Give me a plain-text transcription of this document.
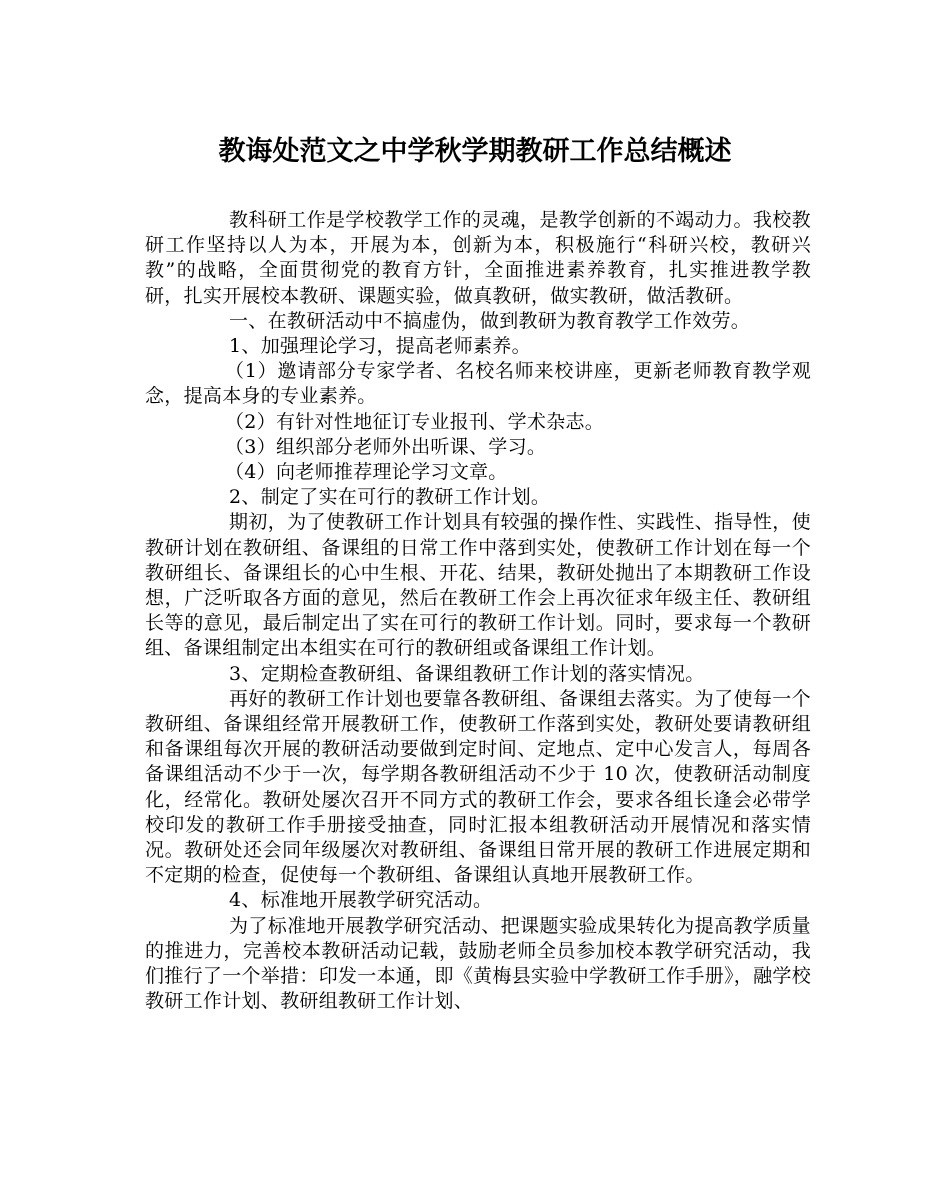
教诲处范文之中学秋学期教研工作总结概述

教科研工作是学校教学工作的灵魂，是教学创新的不竭动力。我校教研工作坚持以人为本，开展为本，创新为本，积极施行“科研兴校，教研兴教”的战略，全面贯彻党的教育方针，全面推进素养教育，扎实推进教学教研，扎实开展校本教研、课题实验，做真教研，做实教研，做活教研。

一、在教研活动中不搞虚伪，做到教研为教育教学工作效劳。

1、加强理论学习，提高老师素养。

（1）邀请部分专家学者、名校名师来校讲座，更新老师教育教学观念，提高本身的专业素养。

（2）有针对性地征订专业报刊、学术杂志。

（3）组织部分老师外出听课、学习。

（4）向老师推荐理论学习文章。

2、制定了实在可行的教研工作计划。

期初，为了使教研工作计划具有较强的操作性、实践性、指导性，使教研计划在教研组、备课组的日常工作中落到实处，使教研工作计划在每一个教研组长、备课组长的心中生根、开花、结果，教研处抛出了本期教研工作设想，广泛听取各方面的意见，然后在教研工作会上再次征求年级主任、教研组长等的意见，最后制定出了实在可行的教研工作计划。同时，要求每一个教研组、备课组制定出本组实在可行的教研组或备课组工作计划。

3、定期检查教研组、备课组教研工作计划的落实情况。

再好的教研工作计划也要靠各教研组、备课组去落实。为了使每一个教研组、备课组经常开展教研工作，使教研工作落到实处，教研处要请教研组和备课组每次开展的教研活动要做到定时间、定地点、定中心发言人，每周各备课组活动不少于一次，每学期各教研组活动不少于 10 次，使教研活动制度化，经常化。教研处屡次召开不同方式的教研工作会，要求各组长逢会必带学校印发的教研工作手册接受抽查，同时汇报本组教研活动开展情况和落实情况。教研处还会同年级屡次对教研组、备课组日常开展的教研工作进展定期和不定期的检查，促使每一个教研组、备课组认真地开展教研工作。

4、标准地开展教学研究活动。

为了标准地开展教学研究活动、把课题实验成果转化为提高教学质量的推进力，完善校本教研活动记载，鼓励老师全员参加校本教学研究活动，我们推行了一个举措：印发一本通，即《黄梅县实验中学教研工作手册》，融学校教研工作计划、教研组教研工作计划、
